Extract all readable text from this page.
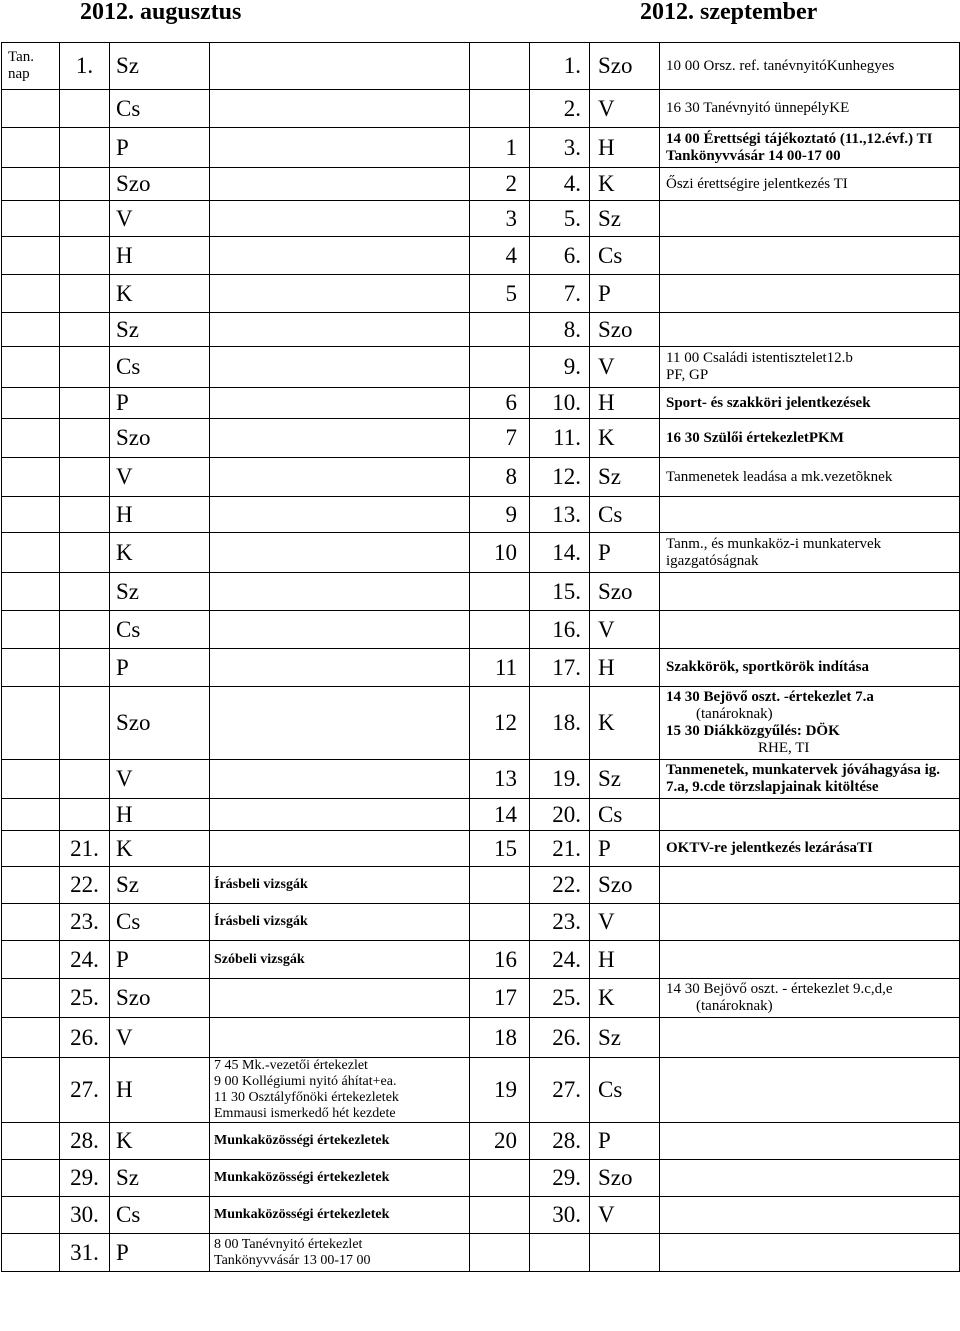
2012. augusztus	2012. szeptember
Tan.
nap	1.	Sz			1.	Szo	10 00 Orsz. ref. tanévnyitóKunhegyes

		Cs			2.	V	16 30 Tanévnyitó ünnepélyKE

		P		1	3.	H	14 00 Érettségi tájékoztató (11.,12.évf.) TI
Tankönyvvásár 14 00-17 00

		Szo		2	4.	K	Őszi érettségire jelentkezés TI

		V		3	5.	Sz	
		H		4	6.	Cs	
		K		5	7.	P	
		Sz			8.	Szo	
		Cs			9.	V	11 00 Családi istentisztelet12.b
PF, GP

		P		6	10.	H	Sport- és szakköri jelentkezések

		Szo		7	11.	K	16 30 Szülői értekezletPKM

		V		8	12.	Sz	Tanmenetek leadása a mk.vezetõknek

		H		9	13.	Cs	
		K		10	14.	P	Tanm., és munkaköz-i munkatervek
igazgatóságnak

		Sz			15.	Szo	
		Cs			16.	V	
		P		11	17.	H	Szakkörök, sportkörök indítása

		Szo		12	18.	K	14 30 Bejövő oszt. -értekezlet 7.a
(tanároknak)
15 30 Diákközgyűlés: DÖK
RHE, TI

		V		13	19.	Sz	Tanmenetek, munkatervek jóváhagyása ig.
7.a, 9.cde törzslapjainak kitöltése

		H		14	20.	Cs	
	21.	K		15	21.	P	OKTV-re jelentkezés lezárásaTI

	22.	Sz	Írásbeli vizsgák		22.	Szo	
	23.	Cs	Írásbeli vizsgák		23.	V	
	24.	P	Szóbeli vizsgák	16	24.	H	
	25.	Szo		17	25.	K	14 30 Bejövő oszt. - értekezlet 9.c,d,e
(tanároknak)

	26.	V		18	26.	Sz	
	27.	H	7 45 Mk.-vezetői értekezlet
9 00 Kollégiumi nyitó áhítat+ea.
11 30 Osztályfőnöki értekezletek
Emmausi ismerkedő hét kezdete	19	27.	Cs	
	28.	K	Munkaközösségi értekezletek	20	28.	P	
	29.	Sz	Munkaközösségi értekezletek		29.	Szo	
	30.	Cs	Munkaközösségi értekezletek		30.	V	
	31.	P	8 00 Tanévnyitó értekezlet
Tankönyvvásár 13 00-17 00				
